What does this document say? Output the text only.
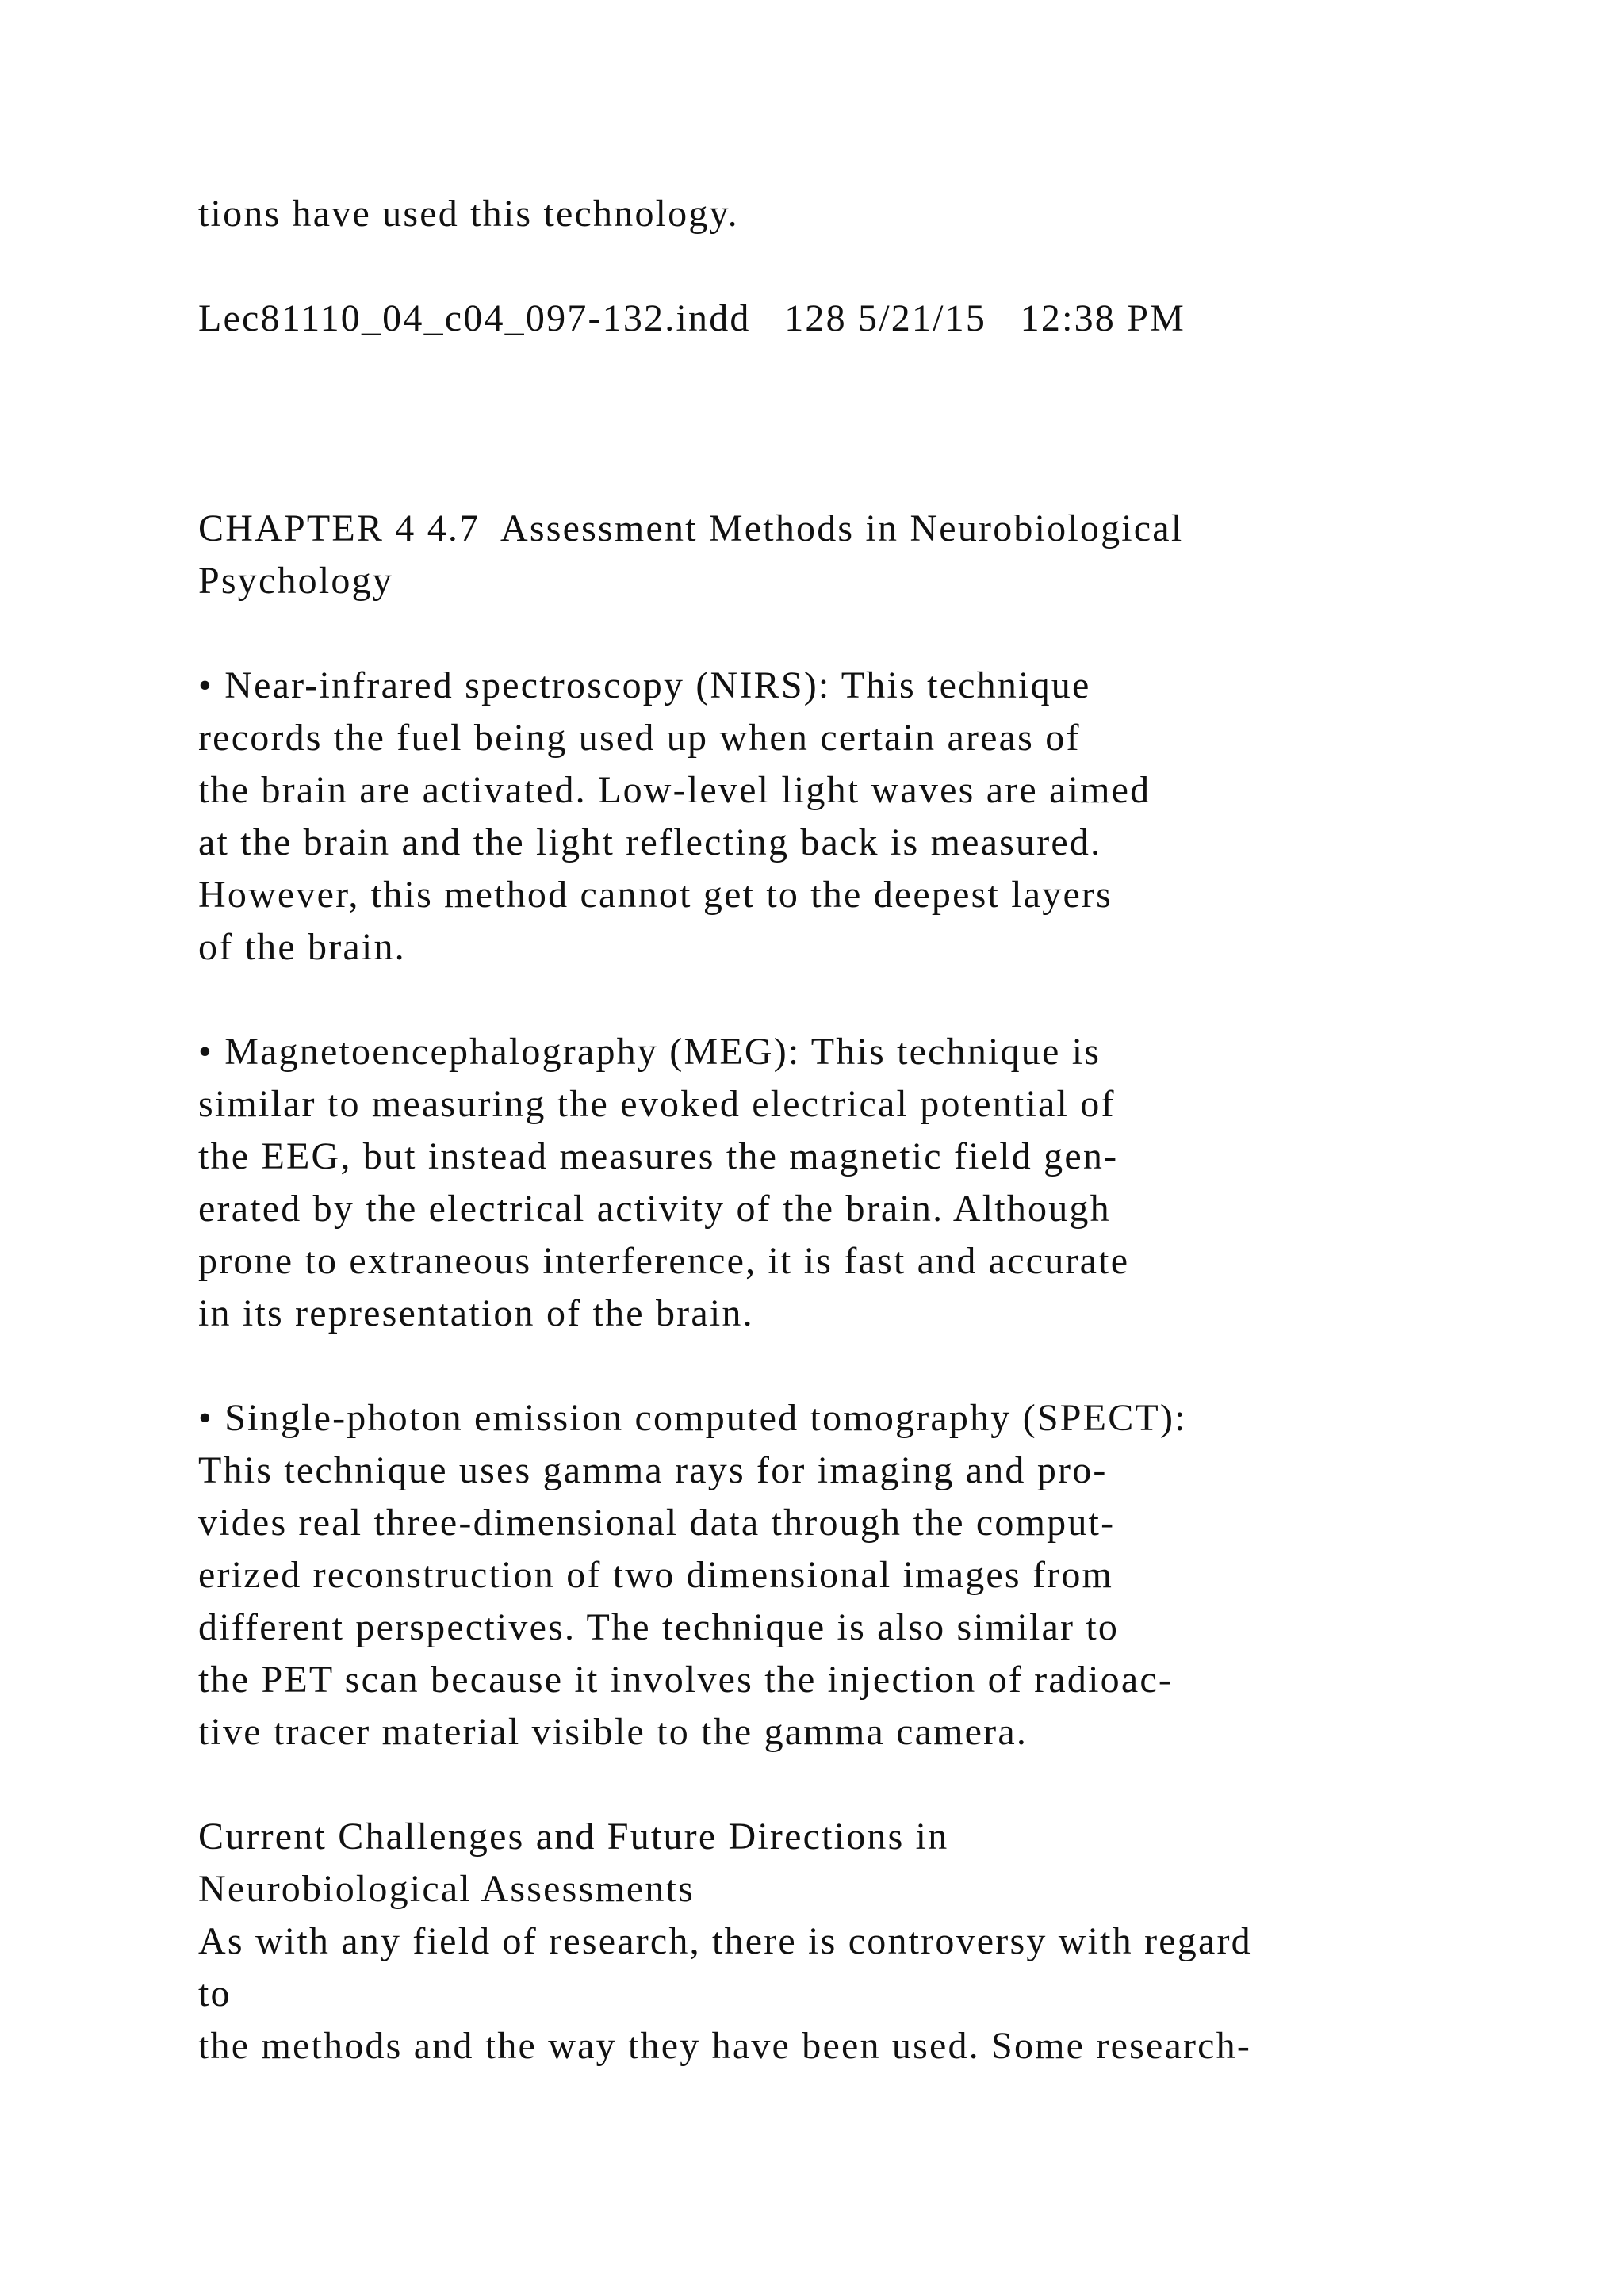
tions have used this technology.

Lec81110_04_c04_097-132.indd   128 5/21/15   12:38 PM

CHAPTER 4 4.7  Assessment Methods in Neurobiological

Psychology

• Near-infrared spectroscopy (NIRS): This technique

records the fuel being used up when certain areas of

the brain are activated. Low-level light waves are aimed

at the brain and the light reflecting back is measured.

However, this method cannot get to the deepest layers

of the brain.

• Magnetoencephalography (MEG): This technique is

similar to measuring the evoked electrical potential of

the EEG, but instead measures the magnetic field gen-

erated by the electrical activity of the brain. Although

prone to extraneous interference, it is fast and accurate

in its representation of the brain.

• Single-photon emission computed tomography (SPECT):

This technique uses gamma rays for imaging and pro-

vides real three-dimensional data through the comput-

erized reconstruction of two dimensional images from

different perspectives. The technique is also similar to

the PET scan because it involves the injection of radioac-

tive tracer material visible to the gamma camera.

Current Challenges and Future Directions in

Neurobiological Assessments

As with any field of research, there is controversy with regard

to

the methods and the way they have been used. Some research-
